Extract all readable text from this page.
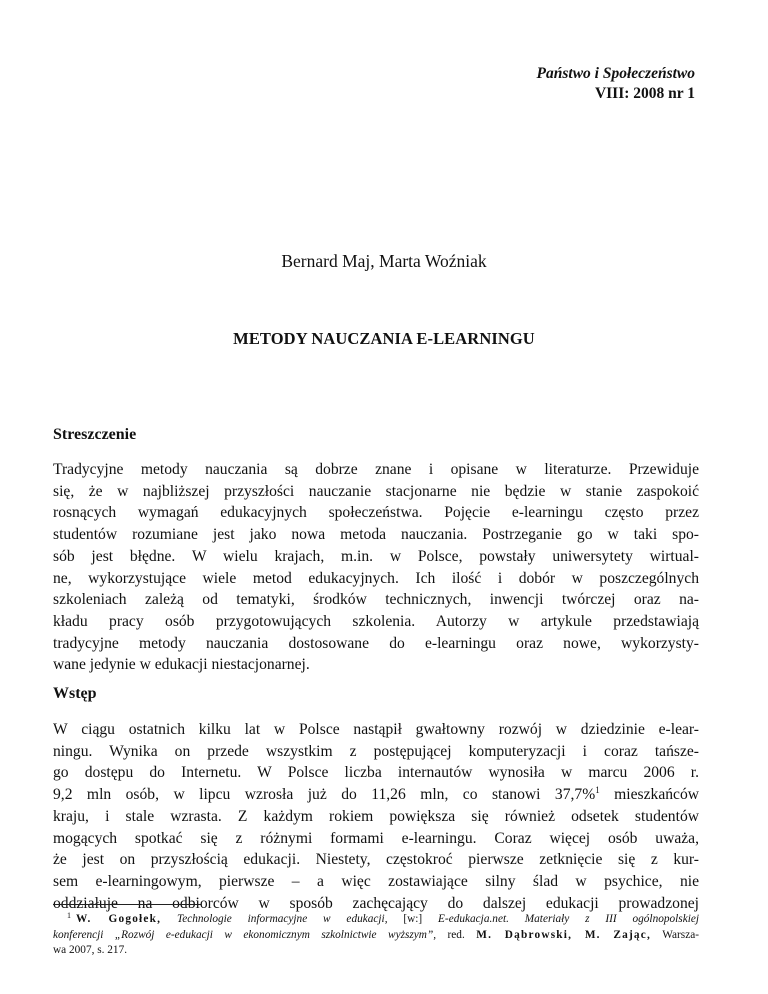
Państwo i Społeczeństwo
VIII: 2008 nr 1
Bernard Maj, Marta Woźniak
METODY NAUCZANIA E-LEARNINGU
Streszczenie
Tradycyjne metody nauczania są dobrze znane i opisane w literaturze. Przewiduje
się, że w najbliższej przyszłości nauczanie stacjonarne nie będzie w stanie zaspokoić
rosnących wymagań edukacyjnych społeczeństwa. Pojęcie e-learningu często przez
studentów rozumiane jest jako nowa metoda nauczania. Postrzeganie go w taki spo-
sób jest błędne. W wielu krajach, m.in. w Polsce, powstały uniwersytety wirtual-
ne, wykorzystujące wiele metod edukacyjnych. Ich ilość i dobór w poszczególnych
szkoleniach zależą od tematyki, środków technicznych, inwencji twórczej oraz na-
kładu pracy osób przygotowujących szkolenia. Autorzy w artykule przedstawiają
tradycyjne metody nauczania dostosowane do e-learningu oraz nowe, wykorzysty-
wane jedynie w edukacji niestacjonarnej.
Wstęp
W ciągu ostatnich kilku lat w Polsce nastąpił gwałtowny rozwój w dziedzinie e-lear-
ningu. Wynika on przede wszystkim z postępującej komputeryzacji i coraz tańsze-
go dostępu do Internetu. W Polsce liczba internautów wynosiła w marcu 2006 r.
9,2 mln osób, w lipcu wzrosła już do 11,26 mln, co stanowi 37,7%$^1$ mieszkańców
kraju, i stale wzrasta. Z każdym rokiem powiększa się również odsetek studentów
mogących spotkać się z różnymi formami e-learningu. Coraz więcej osób uważa,
że jest on przyszłością edukacji. Niestety, częstokroć pierwsze zetknięcie się z kur-
sem e-learningowym, pierwsze – a więc zostawiające silny ślad w psychice, nie
oddziałuje na odbiorców w sposób zachęcający do dalszej edukacji prowadzonej
$^1$ W. Gogołek, Technologie informacyjne w edukacji, [w:] E-edukacja.net. Materiały z III ogólnopolskiej
konferencji „Rozwój e-edukacji w ekonomicznym szkolnictwie wyższym”, red. M. Dąbrowski, M. Zając, Warsza-
wa 2007, s. 217.
